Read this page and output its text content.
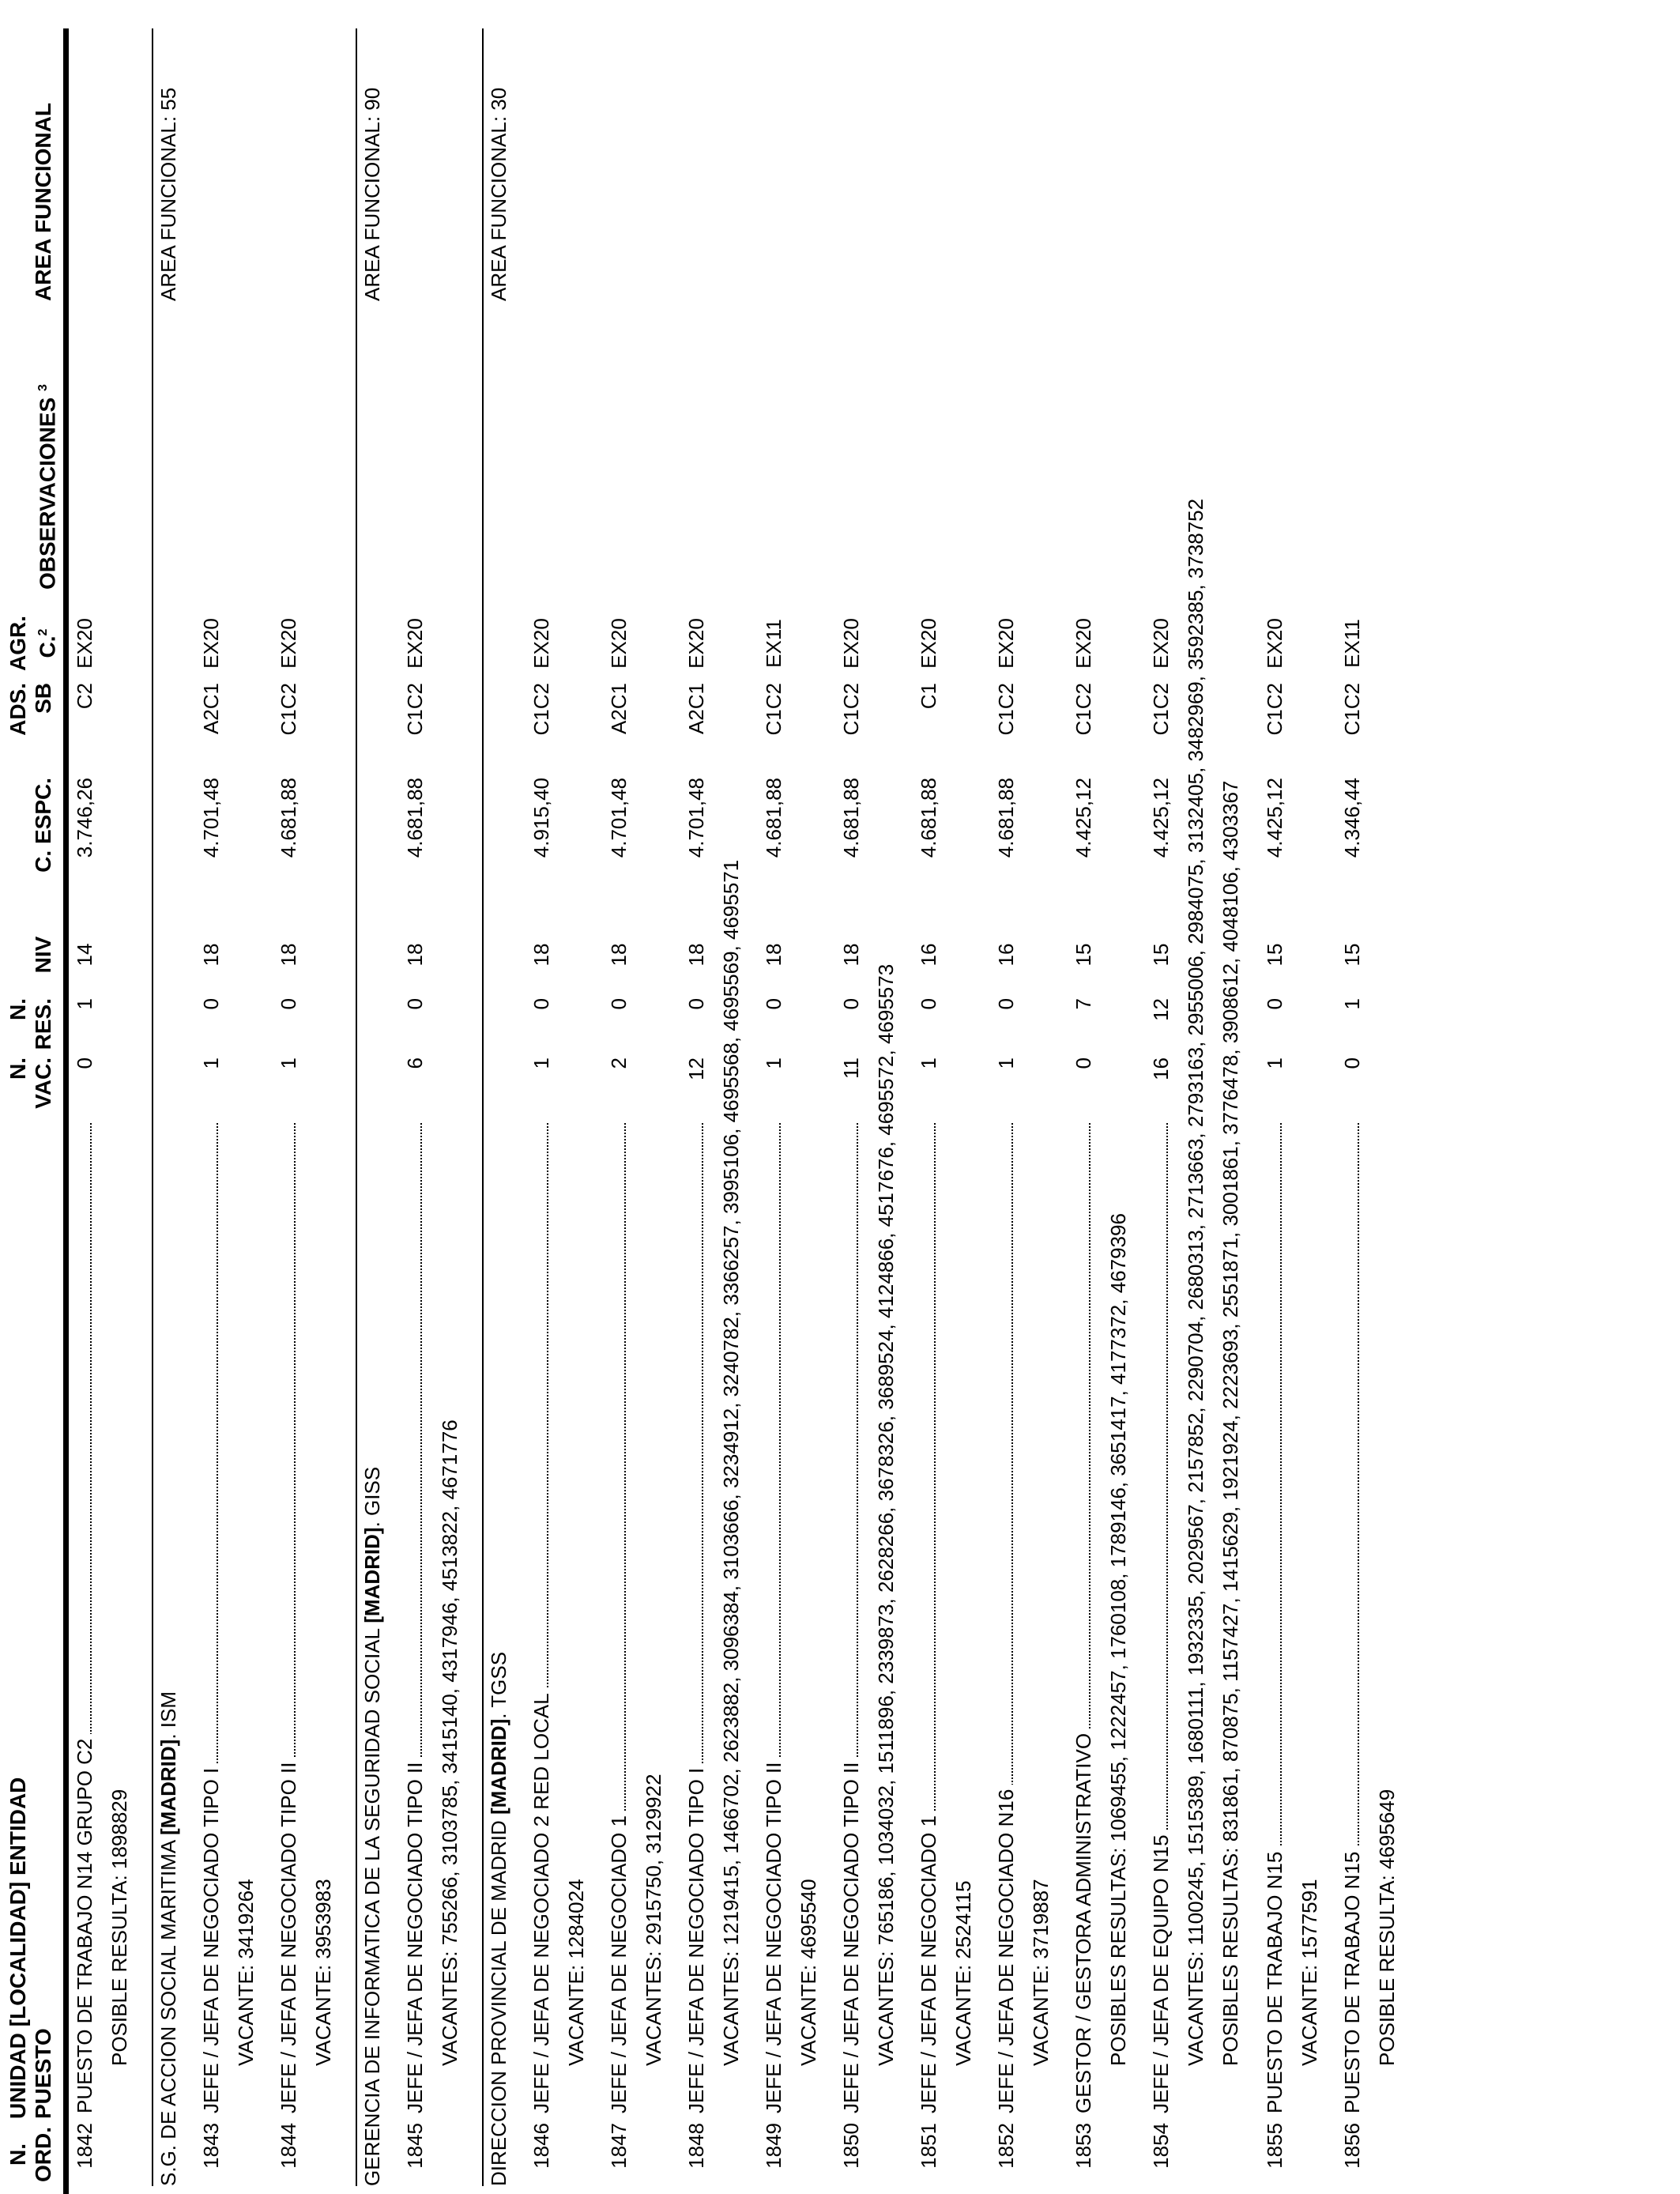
N. ORD.
UNIDAD [LOCALIDAD] ENTIDAD PUESTO
N. VAC.
N. RES.
NIV
C. ESPC.
ADS. SB
AGR. C.$^2$
OBSERVACIONES $^3$
AREA FUNCIONAL
1842
PUESTO DE TRABAJO N14 GRUPO C2
0
1
14
3.746,26
C2
EX20
POSIBLE RESULTA: 1898829 S.G. DE ACCION SOCIAL MARITIMA [MADRID]. ISM
AREA FUNCIONAL: 55
1843
JEFE / JEFA DE NEGOCIADO TIPO I
1
0
18
4.701,48
A2C1
EX20
VACANTE: 3419264
1844
JEFE / JEFA DE NEGOCIADO TIPO II
1
0
18
4.681,88
C1C2
EX20
VACANTE: 3953983 GERENCIA DE INFORMATICA DE LA SEGURIDAD SOCIAL [MADRID]. GISS
AREA FUNCIONAL: 90
1845
JEFE / JEFA DE NEGOCIADO TIPO II
6
0
18
4.681,88
C1C2
EX20
VACANTES: 755266, 3103785, 3415140, 4317946, 4513822, 4671776 DIRECCION PROVINCIAL DE MADRID [MADRID]. TGSS
AREA FUNCIONAL: 30
1846
JEFE / JEFA DE NEGOCIADO 2 RED LOCAL
1
0
18
4.915,40
C1C2
EX20
VACANTE: 1284024
1847
JEFE / JEFA DE NEGOCIADO 1
2
0
18
4.701,48
A2C1
EX20
VACANTES: 2915750, 3129922
1848
JEFE / JEFA DE NEGOCIADO TIPO I
12
0
18
4.701,48
A2C1
EX20
VACANTES: 1219415, 1466702, 2623882, 3096384, 3103666, 3234912, 3240782, 3366257, 3995106, 4695568, 4695569, 4695571
1849
JEFE / JEFA DE NEGOCIADO TIPO II
1
0
18
4.681,88
C1C2
EX11
VACANTE: 4695540
1850
JEFE / JEFA DE NEGOCIADO TIPO II
11
0
18
4.681,88
C1C2
EX20
VACANTES: 765186, 1034032, 1511896, 2339873, 2628266, 3678326, 3689524, 4124866, 4517676, 4695572, 4695573
1851
JEFE / JEFA DE NEGOCIADO 1
1
0
16
4.681,88
C1
EX20
VACANTE: 2524115
1852
JEFE / JEFA DE NEGOCIADO N16
1
0
16
4.681,88
C1C2
EX20
VACANTE: 3719887
1853
GESTOR / GESTORA ADMINISTRATIVO
0
7
15
4.425,12
C1C2
EX20
POSIBLES RESULTAS: 1069455, 1222457, 1760108, 1789146, 3651417, 4177372, 4679396
1854
JEFE / JEFA DE EQUIPO N15
16
12
15
4.425,12
C1C2
EX20 VACANTES: 1100245, 1515389, 1680111, 1932335, 2029567, 2157852, 2290704, 2680313, 2713663, 2793163, 2955006, 2984075, 3132405, 3482969, 3592385, 3738752 POSIBLES RESULTAS: 831861, 870875, 1157427, 1415629, 1921924, 2223693, 2551871, 3001861, 3776478, 3908612, 4048106, 4303367
1855
PUESTO DE TRABAJO N15
1
0
15
4.425,12
C1C2
EX20
VACANTE: 1577591
1856
PUESTO DE TRABAJO N15
0
1
15
4.346,44
C1C2
EX11
POSIBLE RESULTA: 4695649
